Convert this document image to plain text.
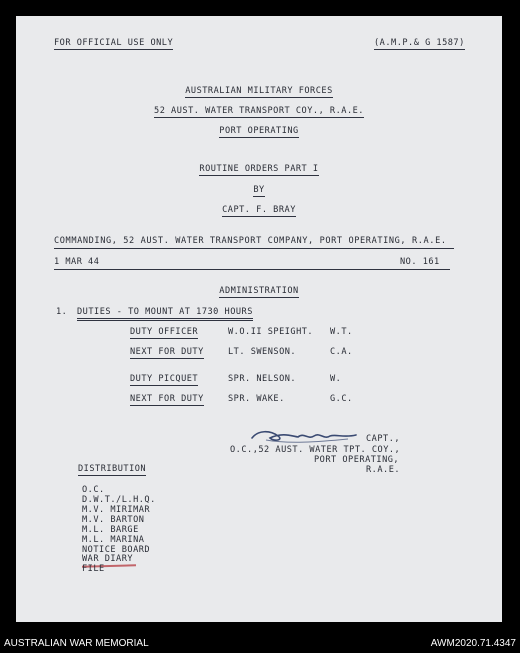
FOR OFFICIAL USE ONLY	(A.M.P.& G 1587)
AUSTRALIAN MILITARY FORCES
52 AUST. WATER TRANSPORT COY., R.A.E.
PORT OPERATING
ROUTINE ORDERS PART I
BY
CAPT. F. BRAY
COMMANDING, 52 AUST. WATER TRANSPORT COMPANY, PORT OPERATING, R.A.E.
1 MAR 44	NO. 161
ADMINISTRATION
1. DUTIES - TO MOUNT AT 1730 HOURS
DUTY OFFICER	W.O.II SPEIGHT. W.T.
NEXT FOR DUTY	LT. SWENSON.	C.A.
DUTY PICQUET	SPR. NELSON.	W.
NEXT FOR DUTY	SPR. WAKE.	G.C.
CAPT.,
O.C.,52 AUST. WATER TPT. COY.,
PORT OPERATING,
R.A.E.
DISTRIBUTION
O.C.
D.W.T./L.H.Q.
M.V. MIRIMAR
M.V. BARTON
M.L. BARGE
M.L. MARINA
NOTICE BOARD
WAR DIARY
FILE
AUSTRALIAN WAR MEMORIAL	AWM2020.71.4347
